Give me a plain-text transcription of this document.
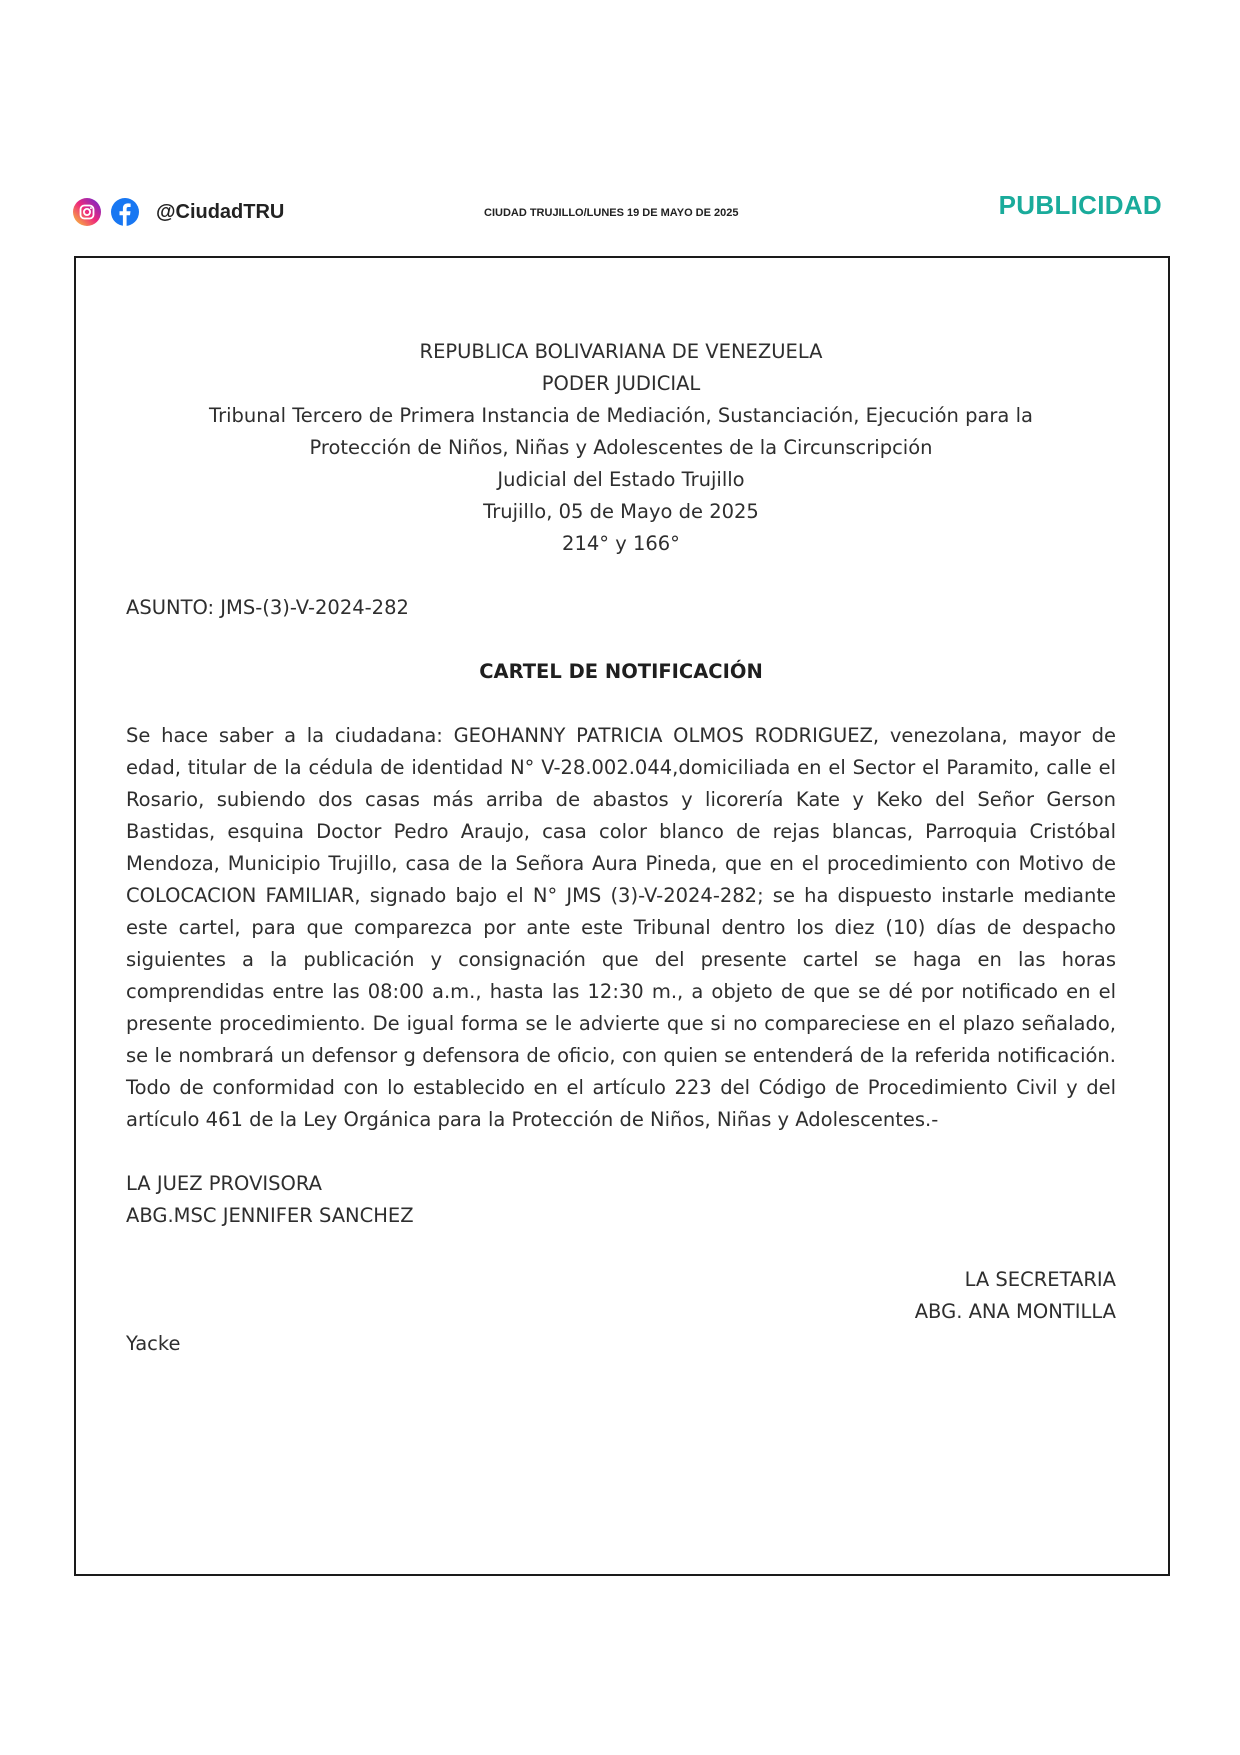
@CiudadTRU	CIUDAD TRUJILLO/LUNES 19 DE MAYO DE 2025	PUBLICIDAD
REPUBLICA BOLIVARIANA DE VENEZUELA
PODER JUDICIAL
Tribunal Tercero de Primera Instancia de Mediación, Sustanciación, Ejecución para la
Protección de Niños, Niñas y Adolescentes de la Circunscripción
Judicial del Estado Trujillo
Trujillo, 05 de Mayo de 2025
214° y 166°
ASUNTO: JMS-(3)-V-2024-282
CARTEL DE NOTIFICACIÓN

Se hace saber a la ciudadana: GEOHANNY PATRICIA OLMOS RODRIGUEZ, venezolana, mayor de edad, titular de la cédula de identidad N° V-28.002.044,domiciliada en el Sector el Paramito, calle el Rosario, subiendo dos casas más arriba de abastos y licorería Kate y Keko del Señor Gerson Bastidas, esquina Doctor Pedro Araujo, casa color blanco de rejas blancas, Parroquia Cristóbal Mendoza, Municipio Trujillo, casa de la Señora Aura Pineda, que en el procedimiento con Motivo de COLOCACION FAMILIAR, signado bajo el N° JMS (3)-V-2024-282; se ha dispuesto instarle mediante este cartel, para que comparezca por ante este Tribunal dentro los diez (10) días de despacho siguientes a la publicación y consignación que del presente cartel se haga en las horas comprendidas entre las 08:00 a.m., hasta las 12:30 m., a objeto de que se dé por notificado en el presente procedimiento. De igual forma se le advierte que si no compareciese en el plazo señalado, se le nombrará un defensor g defensora de oficio, con quien se entenderá de la referida notificación. Todo de conformidad con lo establecido en el artículo 223 del Código de Procedimiento Civil y del artículo 461 de la Ley Orgánica para la Protección de Niños, Niñas y Adolescentes.-

LA JUEZ PROVISORA
ABG.MSC JENNIFER SANCHEZ
LA SECRETARIA
ABG. ANA MONTILLA
Yacke
